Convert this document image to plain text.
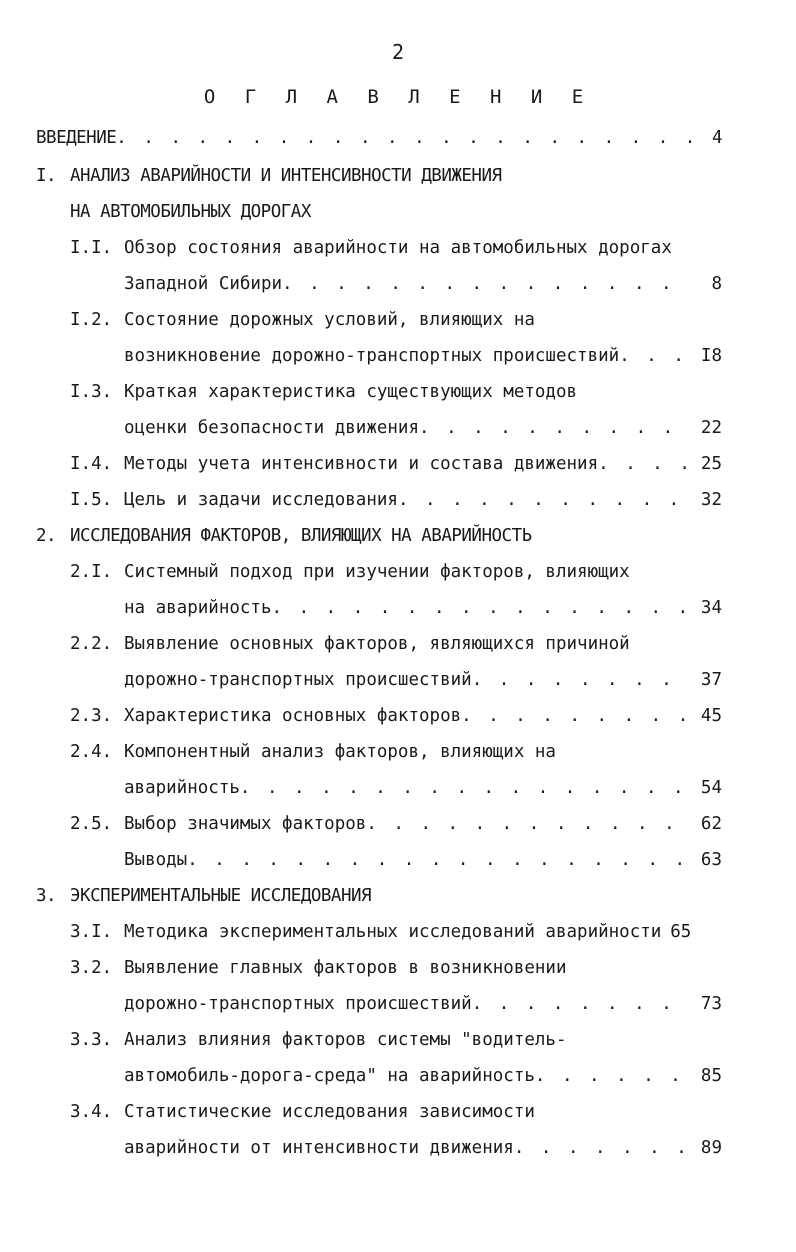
2
О Г Л А В Л Е Н И Е
ВВЕДЕНИЕ . . .	4
I. АНАЛИЗ АВАРИЙНОСТИ И ИНТЕНСИВНОСТИ ДВИЖЕНИЯ
НА АВТОМОБИЛЬНЫХ ДОРОГАХ
I.I. Обзор состояния аварийности на автомобильных дорогах
Западной Сибири . . .	8
I.2. Состояние дорожных условий, влияющих на
возникновение дорожно-транспортных происшествий . . .	I8
I.3. Краткая характеристика существующих методов
оценки безопасности движения . . .	22
I.4. Методы учета интенсивности и состава движения . . .	25
I.5. Цель и задачи исследования . . .	32
2. ИССЛЕДОВАНИЯ ФАКТОРОВ, ВЛИЯЮЩИХ НА АВАРИЙНОСТЬ
2.I. Системный подход при изучении факторов, влияющих
на аварийность . . .	34
2.2. Выявление основных факторов, являющихся причиной
дорожно-транспортных происшествий . . .	37
2.3. Характеристика основных факторов . . .	45
2.4. Компонентный анализ факторов, влияющих на
аварийность . . .	54
2.5. Выбор значимых факторов . . .	62
Выводы . . .	63
3. ЭКСПЕРИМЕНТАЛЬНЫЕ ИССЛЕДОВАНИЯ
3.I. Методика экспериментальных исследований аварийности 65
3.2. Выявление главных факторов в возникновении
дорожно-транспортных происшествий . . .	73
3.3. Анализ влияния факторов системы "водитель-
автомобиль-дорога-среда" на аварийность . . .	85
3.4. Статистические исследования зависимости
аварийности от интенсивности движения . . .	89
